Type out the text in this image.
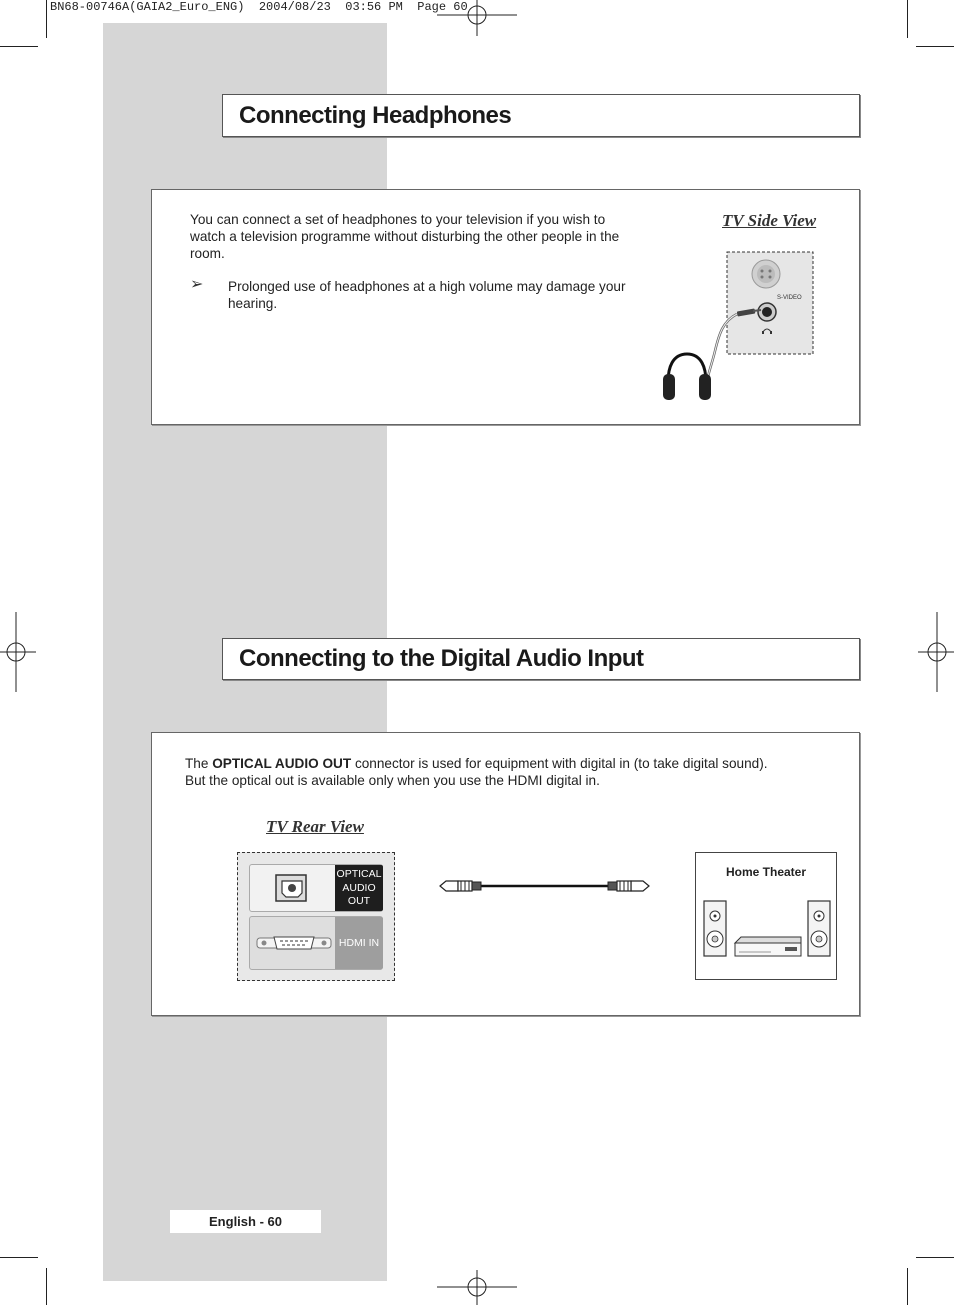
BN68-00746A(GAIA2_Euro_ENG)  2004/08/23  03:56 PM  Page 60
Connecting Headphones
You can connect a set of headphones to your television if you wish to watch a television programme without disturbing the other people in the room.
➢ Prolonged use of headphones at a high volume may damage your hearing.
TV Side View
S-VIDEO
Connecting to the Digital Audio Input
The OPTICAL AUDIO OUT connector is used for equipment with digital in (to take digital sound).
But the optical out is available only when you use the HDMI digital in.
TV Rear View
OPTICAL
AUDIO
OUT
HDMI IN
Home Theater
English - 60
